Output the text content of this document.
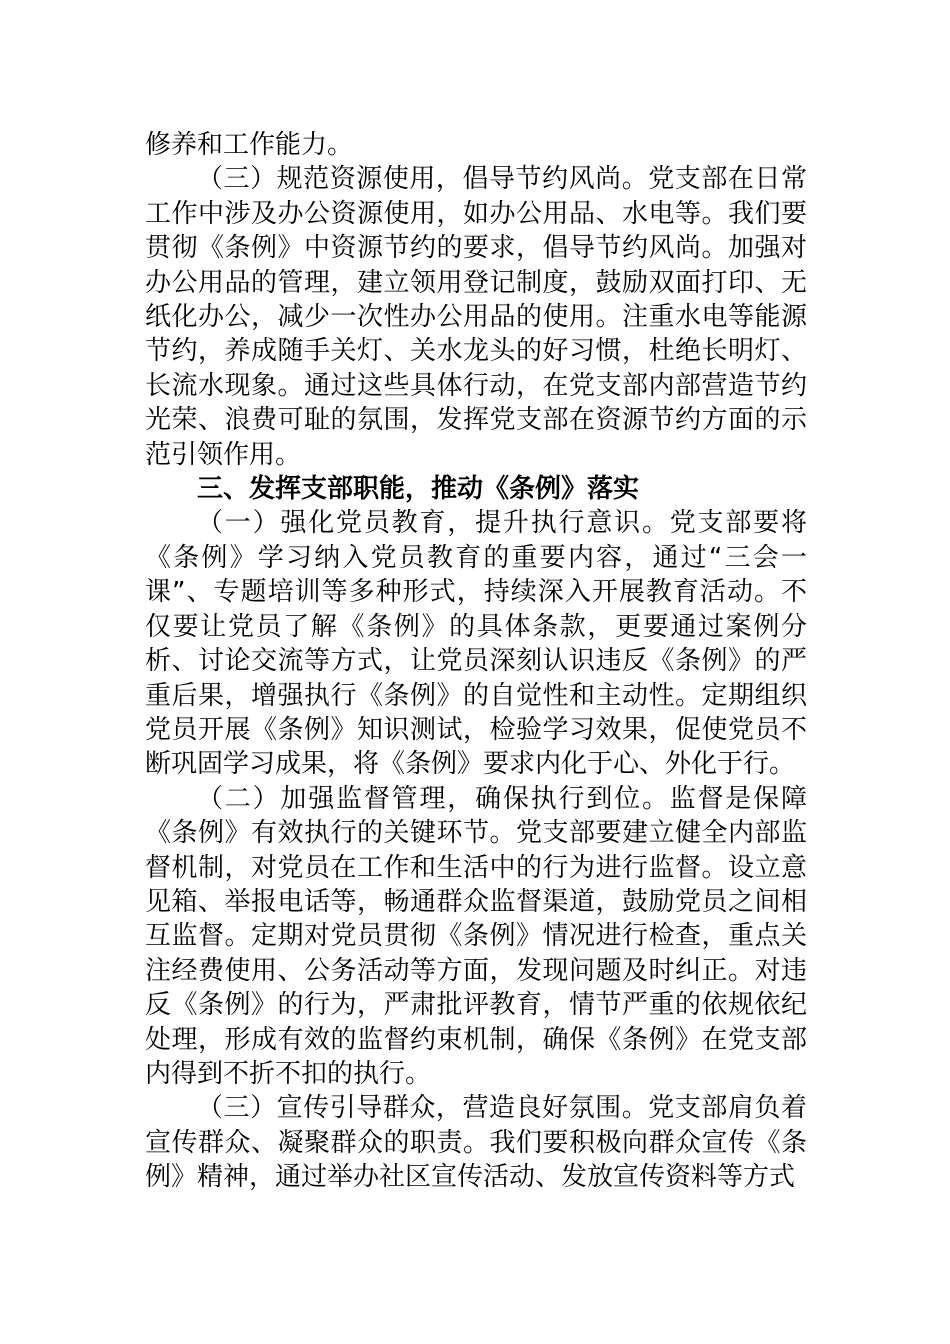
修养和工作能力。

（三）规范资源使用，倡导节约风尚。党支部在日常工作中涉及办公资源使用，如办公用品、水电等。我们要贯彻《条例》中资源节约的要求，倡导节约风尚。加强对办公用品的管理，建立领用登记制度，鼓励双面打印、无纸化办公，减少一次性办公用品的使用。注重水电等能源节约，养成随手关灯、关水龙头的好习惯，杜绝长明灯、长流水现象。通过这些具体行动，在党支部内部营造节约光荣、浪费可耻的氛围，发挥党支部在资源节约方面的示范引领作用。

三、发挥支部职能，推动《条例》落实

（一）强化党员教育，提升执行意识。党支部要将《条例》学习纳入党员教育的重要内容，通过“三会一课”、专题培训等多种形式，持续深入开展教育活动。不仅要让党员了解《条例》的具体条款，更要通过案例分析、讨论交流等方式，让党员深刻认识违反《条例》的严重后果，增强执行《条例》的自觉性和主动性。定期组织党员开展《条例》知识测试，检验学习效果，促使党员不断巩固学习成果，将《条例》要求内化于心、外化于行。

（二）加强监督管理，确保执行到位。监督是保障《条例》有效执行的关键环节。党支部要建立健全内部监督机制，对党员在工作和生活中的行为进行监督。设立意见箱、举报电话等，畅通群众监督渠道，鼓励党员之间相互监督。定期对党员贯彻《条例》情况进行检查，重点关注经费使用、公务活动等方面，发现问题及时纠正。对违反《条例》的行为，严肃批评教育，情节严重的依规依纪处理，形成有效的监督约束机制，确保《条例》在党支部内得到不折不扣的执行。

（三）宣传引导群众，营造良好氛围。党支部肩负着宣传群众、凝聚群众的职责。我们要积极向群众宣传《条例》精神，通过举办社区宣传活动、发放宣传资料等方式
